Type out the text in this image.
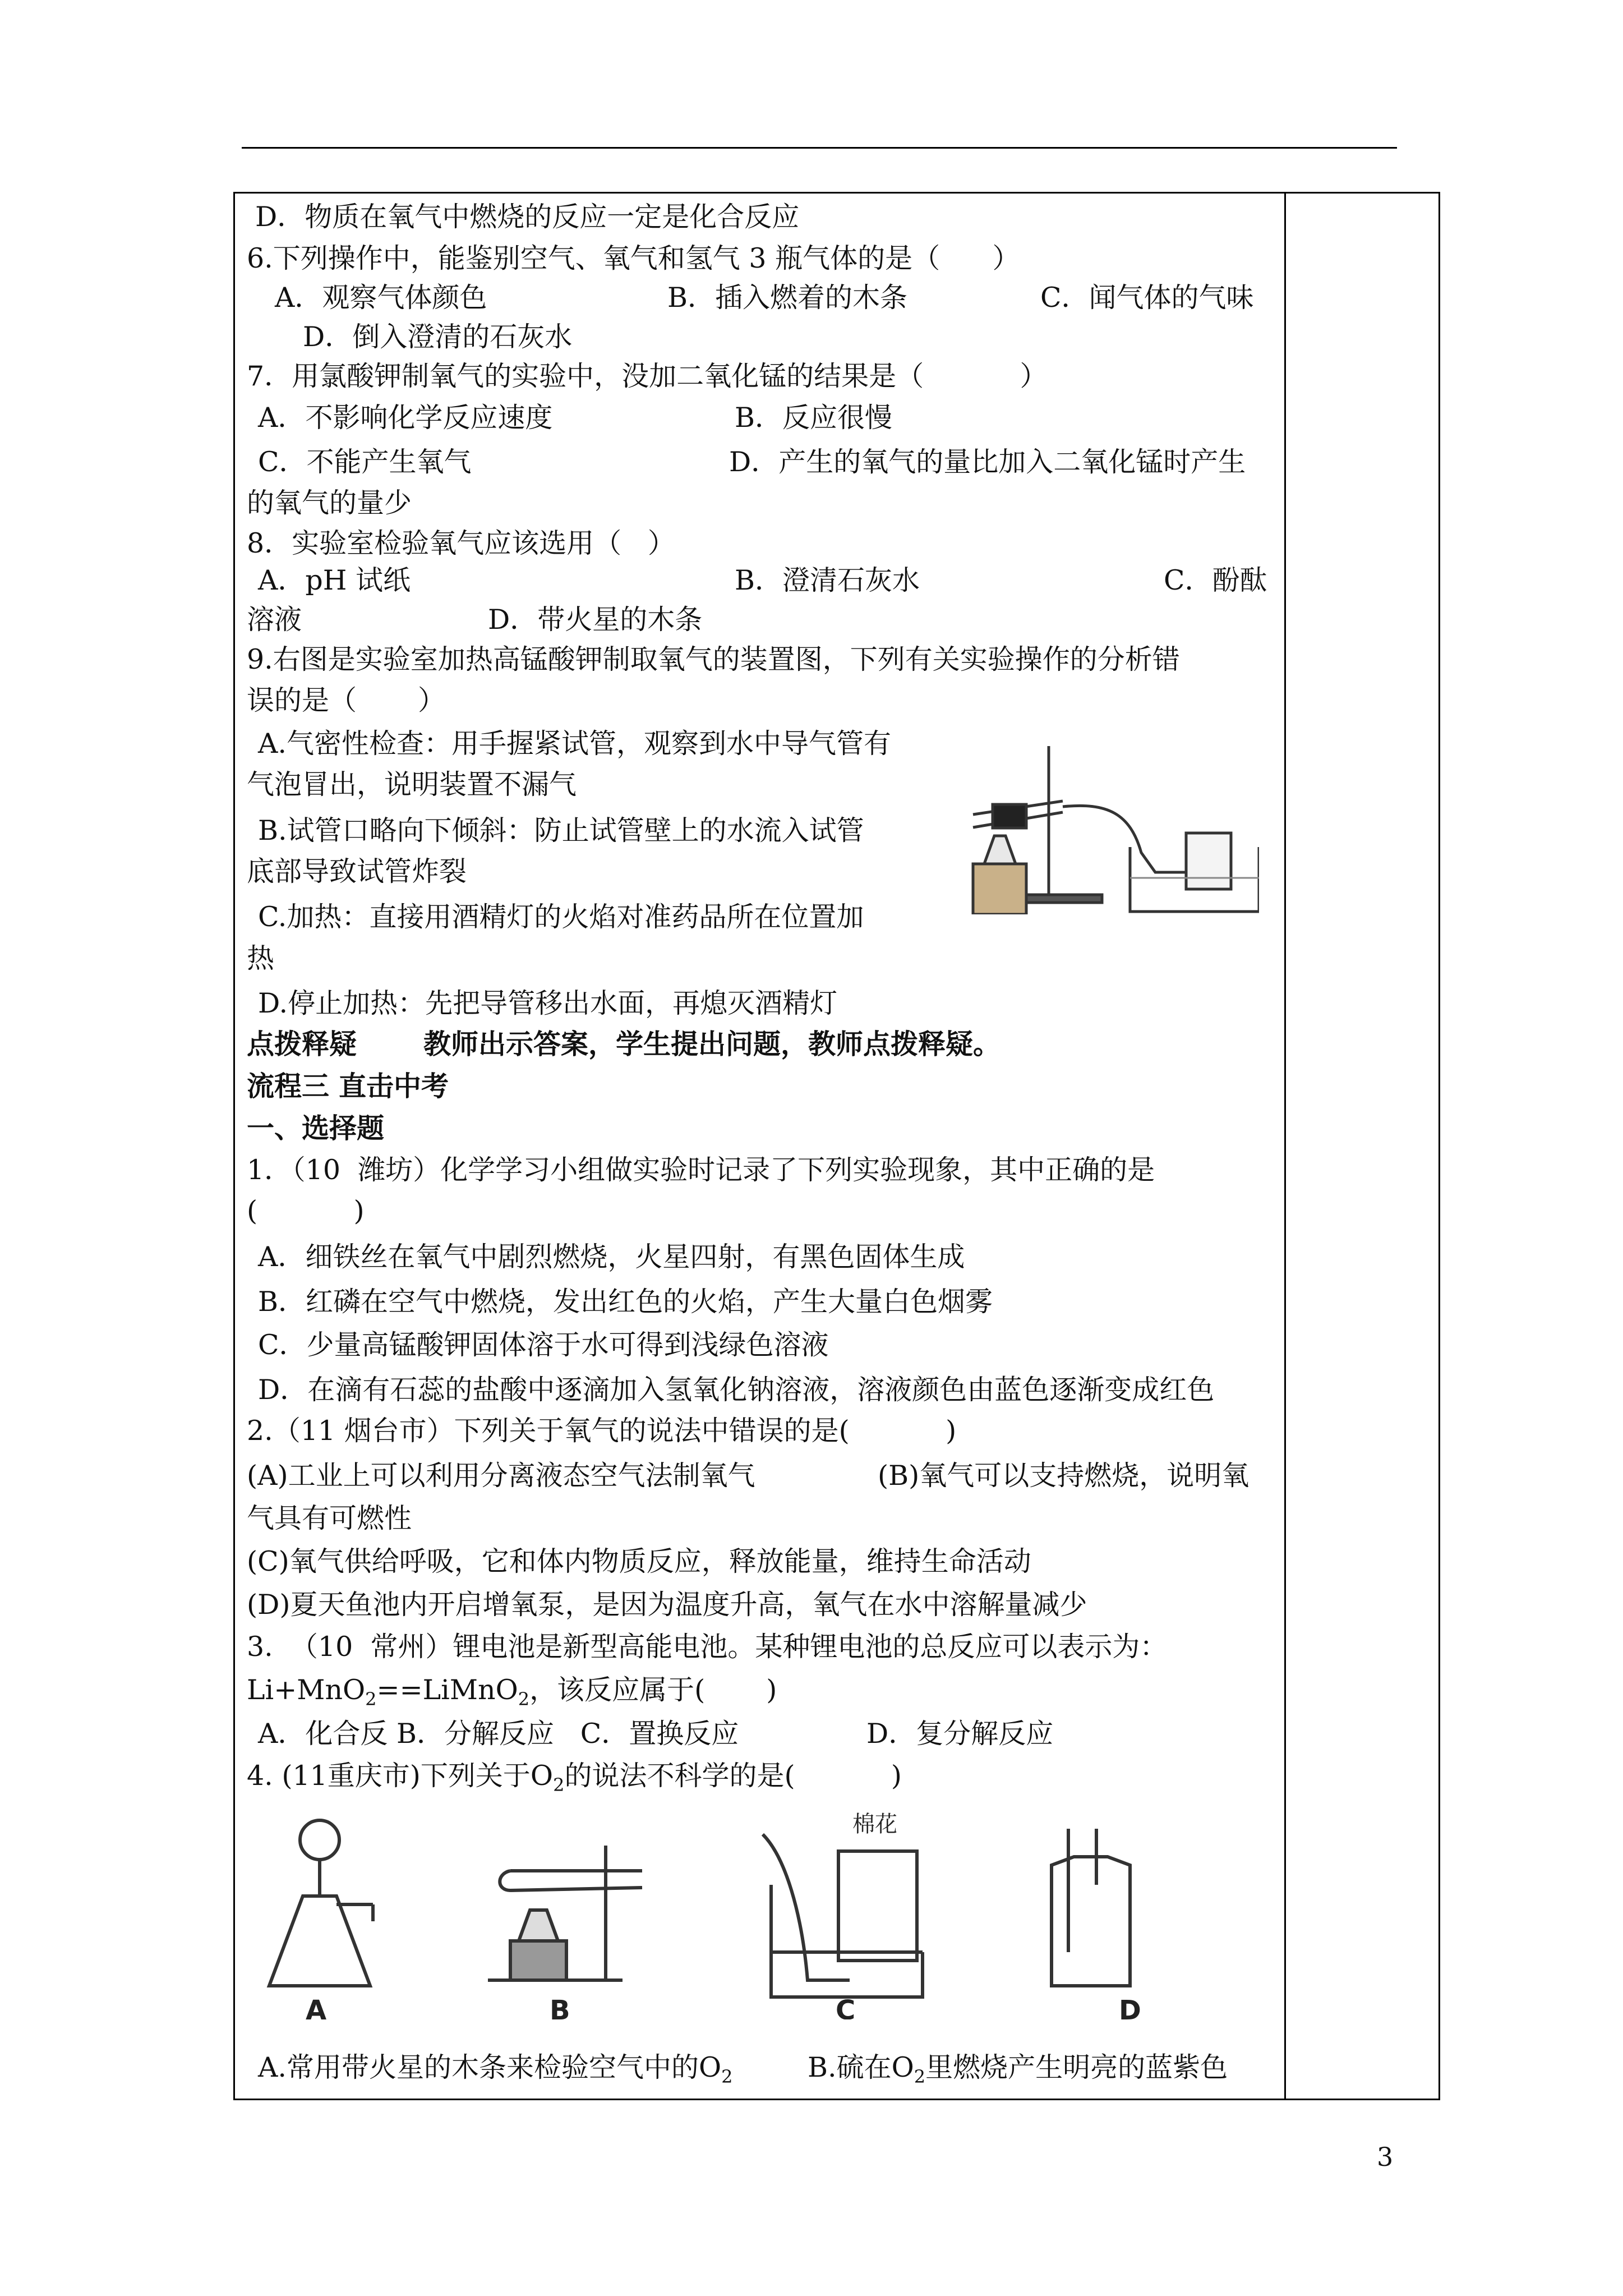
D．物质在氧气中燃烧的反应一定是化合反应
6.下列操作中，能鉴别空气、氧气和氢气 3 瓶气体的是（      ）
A．观察气体颜色	B．插入燃着的木条	C．闻气体的气味
D．倒入澄清的石灰水
7．用氯酸钾制氧气的实验中，没加二氧化锰的结果是（           ）
A．不影响化学反应速度	B．反应很慢
C．不能产生氧气	D．产生的氧气的量比加入二氧化锰时产生
的氧气的量少
8．实验室检验氧气应该选用（   ）
A．pH 试纸	B．澄清石灰水	C．酚酞
溶液	D．带火星的木条
9.右图是实验室加热高锰酸钾制取氧气的装置图，下列有关实验操作的分析错
误的是（       ）
A.气密性检查：用手握紧试管，观察到水中导气管有
气泡冒出，说明装置不漏气
B.试管口略向下倾斜：防止试管壁上的水流入试管
底部导致试管炸裂
C.加热：直接用酒精灯的火焰对准药品所在位置加
热
D.停止加热：先把导管移出水面，再熄灭酒精灯
点拨释疑 教师出示答案，学生提出问题，教师点拨释疑。
流程三 直击中考
一、选择题
1．（10  潍坊）化学学习小组做实验时记录了下列实验现象，其中正确的是
(           )
A．细铁丝在氧气中剧烈燃烧，火星四射，有黑色固体生成
B．红磷在空气中燃烧，发出红色的火焰，产生大量白色烟雾
C．少量高锰酸钾固体溶于水可得到浅绿色溶液
D．在滴有石蕊的盐酸中逐滴加入氢氧化钠溶液，溶液颜色由蓝色逐渐变成红色
2.（11 烟台市）下列关于氧气的说法中错误的是(           )
(A)工业上可以利用分离液态空气法制氧气	(B)氧气可以支持燃烧，说明氧
气具有可燃性
(C)氧气供给呼吸，它和体内物质反应，释放能量，维持生命活动
(D)夏天鱼池内开启增氧泵，是因为温度升高，氧气在水中溶解量减少
3.  （10  常州）锂电池是新型高能电池。某种锂电池的总反应可以表示为：
Li+MnO$_2$==LiMnO$_2$，该反应属于(       )
A．化合反 B．分解反应   C．置换反应	D．复分解反应
4. (11重庆市)下列关于$O_2$的说法不科学的是(           )
A.常用带火星的木条来检验空气中的$O_2$	B.硫在$O_2$里燃烧产生明亮的蓝紫色
棉花
A	B	C	D
3
